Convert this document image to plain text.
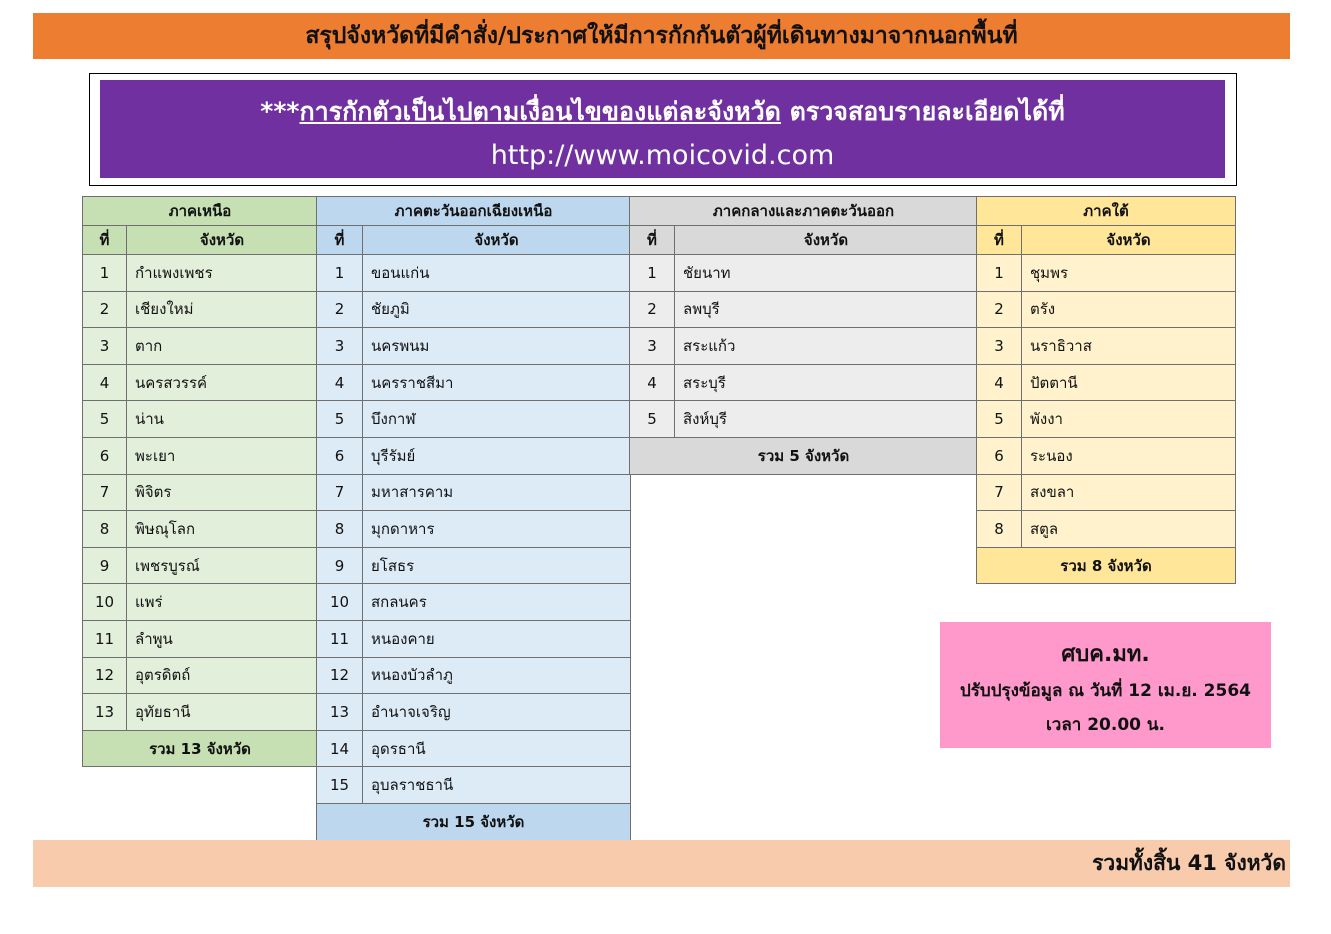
สรุปจังหวัดที่มีคำสั่ง/ประกาศให้มีการกักกันตัวผู้ที่เดินทางมาจากนอกพื้นที่
***การกักตัวเป็นไปตามเงื่อนไขของแต่ละจังหวัด ตรวจสอบรายละเอียดได้ที่
http://www.moicovid.com
ภาคเหนือ	
ที่	จังหวัด
1	กำแพงเพชร
2	เชียงใหม่
3	ตาก
4	นครสวรรค์
5	น่าน
6	พะเยา
7	พิจิตร
8	พิษณุโลก
9	เพชรบูรณ์
10	แพร่
11	ลำพูน
12	อุตรดิตถ์
13	อุทัยธานี
รวม 13 จังหวัด	
ภาคตะวันออกเฉียงเหนือ	
ที่	จังหวัด
1	ขอนแก่น
2	ชัยภูมิ
3	นครพนม
4	นครราชสีมา
5	บึงกาฬ
6	บุรีรัมย์
7	มหาสารคาม
8	มุกดาหาร
9	ยโสธร
10	สกลนคร
11	หนองคาย
12	หนองบัวลำภู
13	อำนาจเจริญ
14	อุดรธานี
15	อุบลราชธานี
รวม 15 จังหวัด	
ภาคกลางและภาคตะวันออก	
ที่	จังหวัด
1	ชัยนาท
2	ลพบุรี
3	สระแก้ว
4	สระบุรี
5	สิงห์บุรี
รวม 5 จังหวัด	
ภาคใต้	
ที่	จังหวัด
1	ชุมพร
2	ตรัง
3	นราธิวาส
4	ปัตตานี
5	พังงา
6	ระนอง
7	สงขลา
8	สตูล
รวม 8 จังหวัด	
ศบค.มท.
ปรับปรุงข้อมูล ณ วันที่ 12 เม.ย. 2564
เวลา 20.00 น.
รวมทั้งสิ้น 41 จังหวัด
